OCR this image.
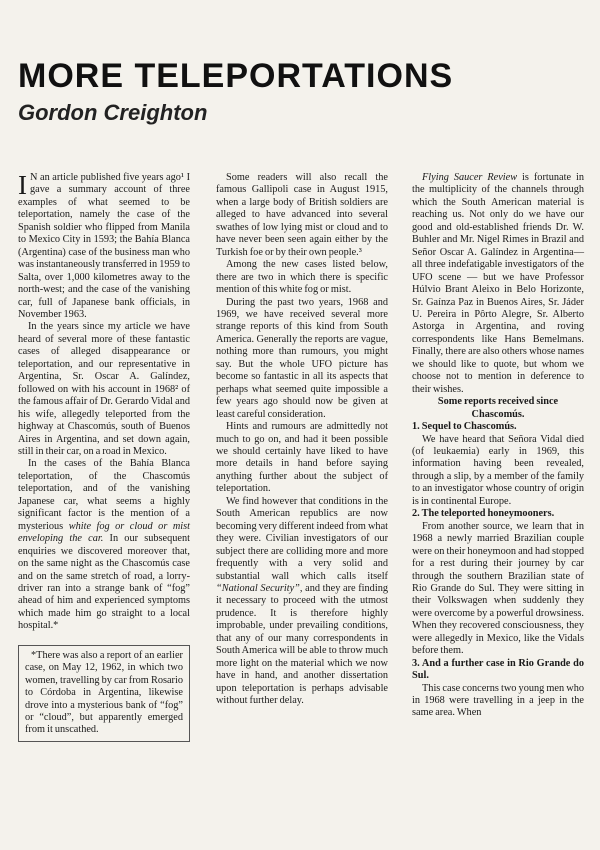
MORE TELEPORTATIONS
Gordon Creighton

I N an article published five years ago¹ I gave a summary account of three examples of what seemed to be teleportation, namely the case of the Spanish soldier who flipped from Manila to Mexico City in 1593; the Bahía Blanca (Argentina) case of the business man who was instantaneously transferred in 1959 to Salta, over 1,000 kilometres away to the north-west; and the case of the vanishing car, full of Japanese bank officials, in November 1963.

In the years since my article we have heard of several more of these fantastic cases of alleged disappearance or teleportation, and our representative in Argentina, Sr. Oscar A. Galíndez, followed on with his account in 1968² of the famous affair of Dr. Gerardo Vidal and his wife, allegedly teleported from the highway at Chascomús, south of Buenos Aires in Argentina, and set down again, still in their car, on a road in Mexico.

In the cases of the Bahía Blanca teleportation, of the Chascomús teleportation, and of the vanishing Japanese car, what seems a highly significant factor is the mention of a mysterious white fog or cloud or mist enveloping the car. In our subsequent enquiries we discovered moreover that, on the same night as the Chascomús case and on the same stretch of road, a lorry-driver ran into a strange bank of “fog” ahead of him and experienced symptoms which made him go straight to a local hospital.*

*There was also a report of an earlier case, on May 12, 1962, in which two women, travelling by car from Rosario to Córdoba in Argentina, likewise drove into a mysterious bank of “fog” or “cloud”, but apparently emerged from it unscathed.

Some readers will also recall the famous Gallipoli case in August 1915, when a large body of British soldiers are alleged to have advanced into several swathes of low lying mist or cloud and to have never been seen again either by the Turkish foe or by their own people.³

Among the new cases listed below, there are two in which there is specific mention of this white fog or mist.

During the past two years, 1968 and 1969, we have received several more strange reports of this kind from South America. Generally the reports are vague, nothing more than rumours, you might say. But the whole UFO picture has become so fantastic in all its aspects that perhaps what seemed quite impossible a few years ago should now be given at least careful consideration.

Hints and rumours are admittedly not much to go on, and had it been possible we should certainly have liked to have more details in hand before saying anything further about the subject of teleportation.

We find however that conditions in the South American republics are now becoming very different indeed from what they were. Civilian investigators of our subject there are colliding more and more frequently with a very solid and substantial wall which calls itself “National Security”, and they are finding it necessary to proceed with the utmost prudence. It is therefore highly improbable, under prevailing conditions, that any of our many correspondents in South America will be able to throw much more light on the material which we now have in hand, and another dissertation upon teleportation is perhaps advisable without further delay.

Flying Saucer Review is fortunate in the multiplicity of the channels through which the South American material is reaching us. Not only do we have our good and old-established friends Dr. W. Buhler and Mr. Nigel Rimes in Brazil and Señor Oscar A. Galíndez in Argentina—all three indefatigable investigators of the UFO scene — but we have Professor Húlvio Brant Aleixo in Belo Horizonte, Sr. Gaínza Paz in Buenos Aires, Sr. Jáder U. Pereira in Pôrto Alegre, Sr. Alberto Astorga in Argentina, and roving correspondents like Hans Bemelmans. Finally, there are also others whose names we should like to quote, but whom we choose not to mention in deference to their wishes.

Some reports received since Chascomús.

1. Sequel to Chascomús.

We have heard that Señora Vidal died (of leukaemia) early in 1969, this information having been revealed, through a slip, by a member of the family to an investigator whose country of origin is in continental Europe.

2. The teleported honeymooners.

From another source, we learn that in 1968 a newly married Brazilian couple were on their honeymoon and had stopped for a rest during their journey by car through the southern Brazilian state of Rio Grande do Sul. They were sitting in their Volkswagen when suddenly they were overcome by a powerful drowsiness. When they recovered consciousness, they were allegedly in Mexico, like the Vidals before them.

3. And a further case in Rio Grande do Sul.

This case concerns two young men who in 1968 were travelling in a jeep in the same area. When
